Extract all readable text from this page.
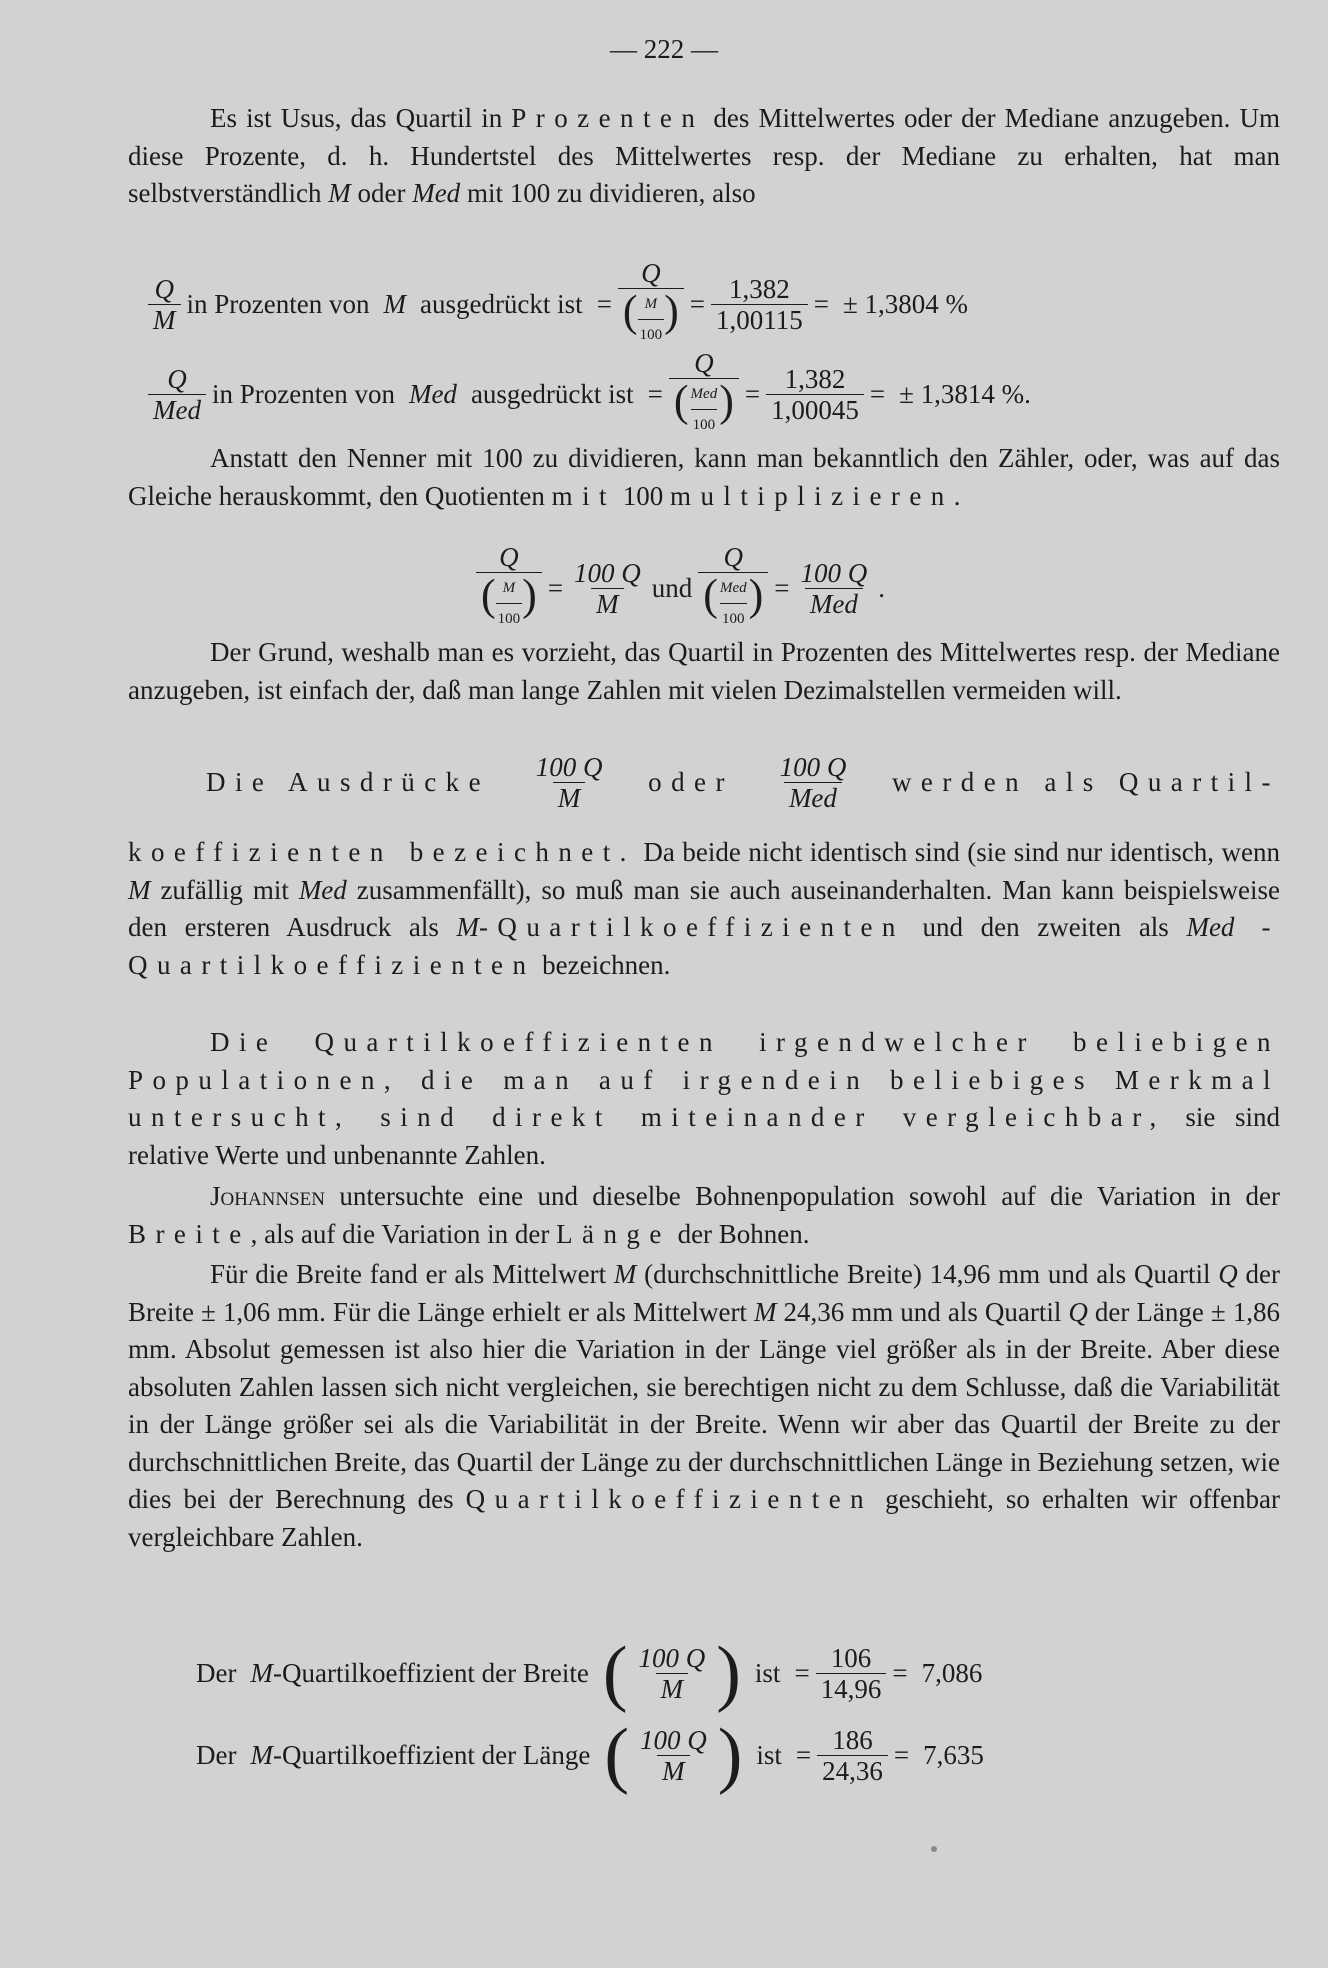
— 222 —
Es ist Usus, das Quartil in Prozenten des Mittelwertes oder der Mediane anzugeben. Um diese Prozente, d. h. Hundertstel des Mittelwertes resp. der Mediane zu erhalten, hat man selbstverständlich M oder Med mit 100 zu dividieren, also
$\frac{Q}{M}$ in Prozenten von M ausgedrückt ist = $\frac{Q}{( \frac{M}{100} )} = \frac{1,382}{1,00115}$ = ± 1,3804 %
$\frac{Q}{\text{Med}}$ in Prozenten von Med ausgedrückt ist = $\frac{Q}{( \frac{\text{Med}}{100} )} = \frac{1,382}{1,00045}$ = ± 1,3814 %.
Anstatt den Nenner mit 100 zu dividieren, kann man bekanntlich den Zähler, oder, was auf das Gleiche herauskommt, den Quotienten mit 100 multiplizieren.
$\frac{Q}{( \frac{M}{100} )} = \frac{100 Q}{M}$ und $\frac{Q}{( \frac{\text{Med}}{100} )} = \frac{100 Q}{\text{Med}}$ .
Der Grund, weshalb man es vorzieht, das Quartil in Prozenten des Mittelwertes resp. der Mediane anzugeben, ist einfach der, daß man lange Zahlen mit vielen Dezimalstellen vermeiden will.
Die Ausdrücke $\frac{100 Q}{M}$ oder $\frac{100 Q}{\text{Med}}$ werden als Quartil-
koeffizienten bezeichnet. Da beide nicht identisch sind (sie sind nur identisch, wenn M zufällig mit Med zusammenfällt), so muß man sie auch auseinanderhalten. Man kann beispielsweise den ersteren Ausdruck als M-Quartilkoeffizienten und den zweiten als Med - Quartilkoeffizienten bezeichnen.
Die Quartilkoeffizienten irgendwelcher beliebigen Populationen, die man auf irgendein beliebiges Merkmal untersucht, sind direkt miteinander vergleichbar, sie sind relative Werte und unbenannte Zahlen.
Johannsen untersuchte eine und dieselbe Bohnenpopulation sowohl auf die Variation in der Breite, als auf die Variation in der Länge der Bohnen.
Für die Breite fand er als Mittelwert M (durchschnittliche Breite) 14,96 mm und als Quartil Q der Breite ± 1,06 mm. Für die Länge erhielt er als Mittelwert M 24,36 mm und als Quartil Q der Länge ± 1,86 mm. Absolut gemessen ist also hier die Variation in der Länge viel größer als in der Breite. Aber diese absoluten Zahlen lassen sich nicht vergleichen, sie berechtigen nicht zu dem Schlusse, daß die Variabilität in der Länge größer sei als die Variabilität in der Breite. Wenn wir aber das Quartil der Breite zu der durchschnittlichen Breite, das Quartil der Länge zu der durchschnittlichen Länge in Beziehung setzen, wie dies bei der Berechnung des Quartilkoeffizienten geschieht, so erhalten wir offenbar vergleichbare Zahlen.
Der M -Quartilkoeffizient der Breite ( $\frac{100 Q}{M}$ ) ist = $\frac{106}{14,96} = 7,086$
Der M -Quartilkoeffizient der Länge ( $\frac{100 Q}{M}$ ) ist = $\frac{186}{24,36} = 7,635$
